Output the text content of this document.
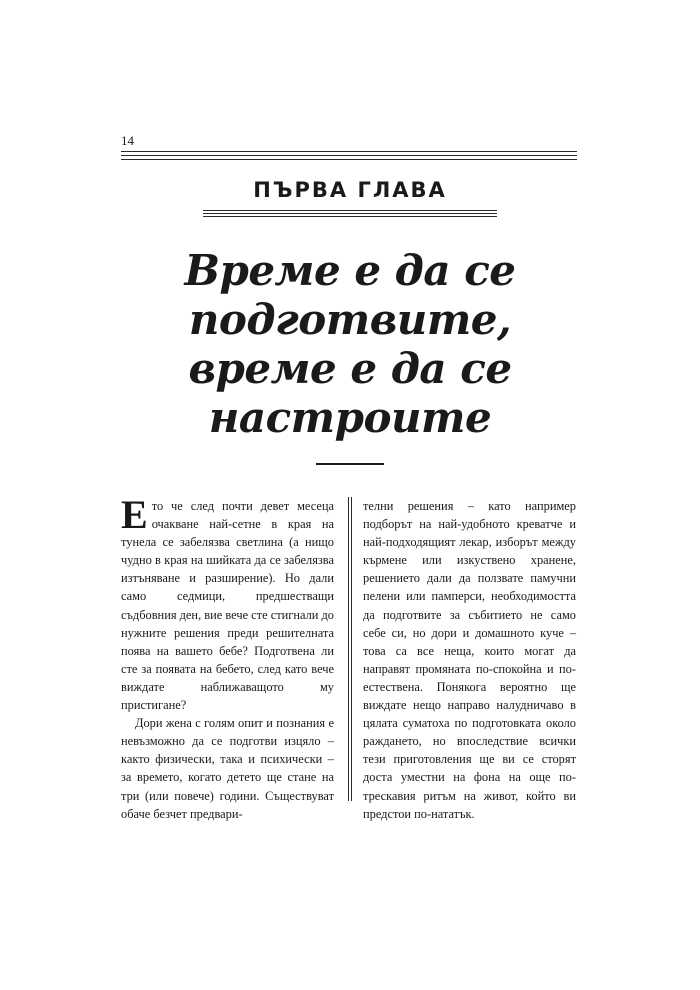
14
ПЪРВА ГЛАВА
Време е да се
подготвите,
време е да се
настроите

Ето че след почти девет месеца очакване най-сетне в края на тунела се забелязва светлина (а нищо чудно в края на шийката да се забелязва изтъняване и разширение). Но дали само седмици, предшестващи съдбовния ден, вие вече сте стигнали до нужните решения преди решителната поява на вашето бебе? Подготвена ли сте за появата на бебето, след като вече виждате наближаващото му пристигане?

Дори жена с голям опит и познания е невъзможно да се подготви изцяло – както физически, така и психически – за времето, когато детето ще стане на три (или повече) години. Съществуват обаче безчет предвари-

телни решения – като например подборът на най-удобното креватче и най-подходящият лекар, изборът между кърмене или изкуствено хранене, решението дали да ползвате памучни пелени или памперси, необходимостта да подготвите за събитието не само себе си, но дори и домашното куче – това са все неща, които могат да направят промяната по-спокойна и по-естествена. Понякога вероятно ще виждате нещо направо налудничаво в цялата суматоха по подготовката около раждането, но впоследствие всички тези приготовления ще ви се сторят доста уместни на фона на още по-трескавия ритъм на живот, който ви предстои по-нататък.
